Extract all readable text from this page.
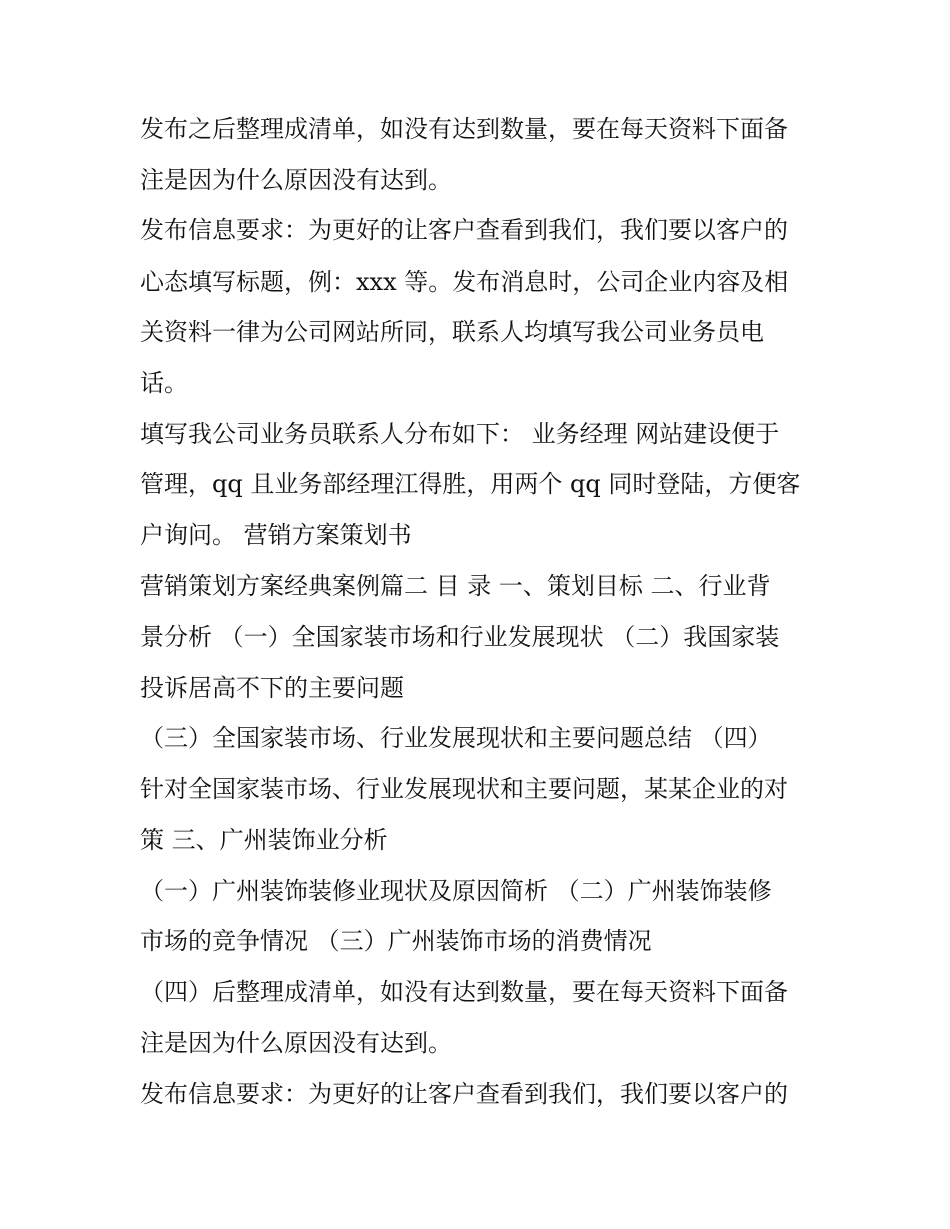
发布之后整理成清单，如没有达到数量，要在每天资料下面备
注是因为什么原因没有达到。
发布信息要求：为更好的让客户查看到我们，我们要以客户的
心态填写标题，例：xxx 等。发布消息时，公司企业内容及相
关资料一律为公司网站所同，联系人均填写我公司业务员电
话。
填写我公司业务员联系人分布如下： 业务经理 网站建设便于
管理，qq 且业务部经理江得胜，用两个 qq 同时登陆，方便客
户询问。 营销方案策划书
营销策划方案经典案例篇二 目 录 一、策划目标 二、行业背
景分析 （一）全国家装市场和行业发展现状 （二）我国家装
投诉居高不下的主要问题
（三）全国家装市场、行业发展现状和主要问题总结 （四）
针对全国家装市场、行业发展现状和主要问题，某某企业的对
策 三、广州装饰业分析
（一）广州装饰装修业现状及原因简析 （二）广州装饰装修
市场的竞争情况 （三）广州装饰市场的消费情况
（四）后整理成清单，如没有达到数量，要在每天资料下面备
注是因为什么原因没有达到。
发布信息要求：为更好的让客户查看到我们，我们要以客户的
